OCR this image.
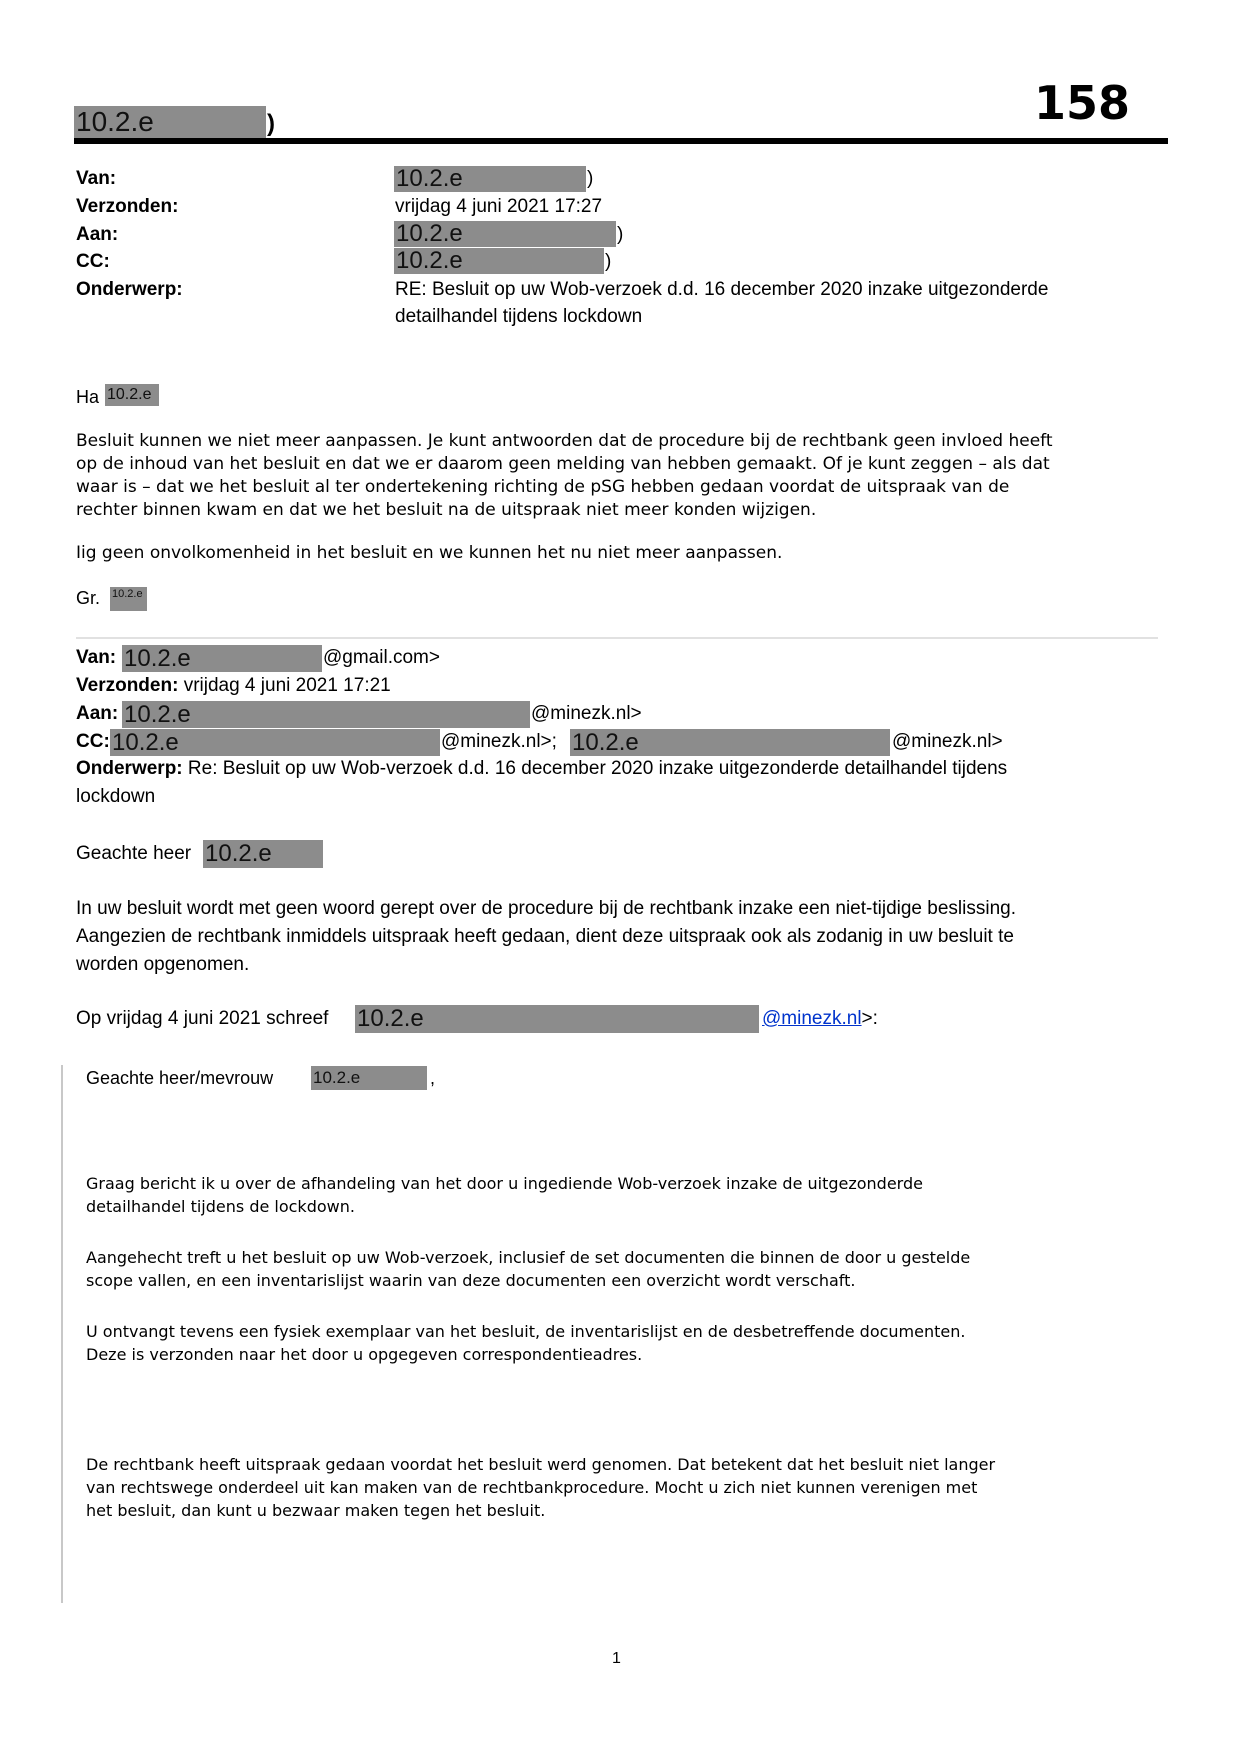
10.2.e	)	158
Van:	10.2.e	)
Verzonden:	vrijdag 4 juni 2021 17:27
Aan:	10.2.e	)
CC:	10.2.e	)
Onderwerp:	RE: Besluit op uw Wob-verzoek d.d. 16 december 2020 inzake uitgezonderde
detailhandel tijdens lockdown
Ha 10.2.e
Besluit kunnen we niet meer aanpassen. Je kunt antwoorden dat de procedure bij de rechtbank geen invloed heeft
op de inhoud van het besluit en dat we er daarom geen melding van hebben gemaakt. Of je kunt zeggen – als dat
waar is – dat we het besluit al ter ondertekening richting de pSG hebben gedaan voordat de uitspraak van de
rechter binnen kwam en dat we het besluit na de uitspraak niet meer konden wijzigen.
Iig geen onvolkomenheid in het besluit en we kunnen het nu niet meer aanpassen.
Gr. 10.2.e
Van: 10.2.e	@gmail.com>
Verzonden: vrijdag 4 juni 2021 17:21
Aan: 10.2.e	@minezk.nl>
CC: 10.2.e	@minezk.nl>; 10.2.e	@minezk.nl>
Onderwerp: Re: Besluit op uw Wob-verzoek d.d. 16 december 2020 inzake uitgezonderde detailhandel tijdens
lockdown
Geachte heer 10.2.e
In uw besluit wordt met geen woord gerept over de procedure bij de rechtbank inzake een niet-tijdige beslissing.
Aangezien de rechtbank inmiddels uitspraak heeft gedaan, dient deze uitspraak ook als zodanig in uw besluit te
worden opgenomen.
Op vrijdag 4 juni 2021 schreef 10.2.e	@minezk.nl>:
Geachte heer/mevrouw 10.2.e	,
Graag bericht ik u over de afhandeling van het door u ingediende Wob-verzoek inzake de uitgezonderde
detailhandel tijdens de lockdown.
Aangehecht treft u het besluit op uw Wob-verzoek, inclusief de set documenten die binnen de door u gestelde
scope vallen, en een inventarislijst waarin van deze documenten een overzicht wordt verschaft.
U ontvangt tevens een fysiek exemplaar van het besluit, de inventarislijst en de desbetreffende documenten.
Deze is verzonden naar het door u opgegeven correspondentieadres.
De rechtbank heeft uitspraak gedaan voordat het besluit werd genomen. Dat betekent dat het besluit niet langer
van rechtswege onderdeel uit kan maken van de rechtbankprocedure. Mocht u zich niet kunnen verenigen met
het besluit, dan kunt u bezwaar maken tegen het besluit.
1
